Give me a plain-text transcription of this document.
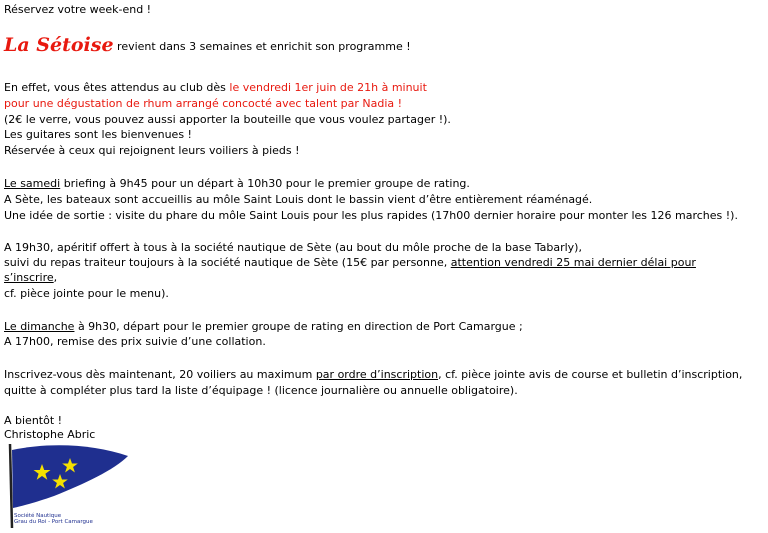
Réservez votre week-end !
La Sétoise revient dans 3 semaines et enrichit son programme !
En effet, vous êtes attendus au club dès le vendredi 1er juin de 21h à minuit
pour une dégustation de rhum arrangé concocté avec talent par Nadia !
(2€ le verre, vous pouvez aussi apporter la bouteille que vous voulez partager !).
Les guitares sont les bienvenues !
Réservée à ceux qui rejoignent leurs voiliers à pieds !
Le samedi briefing à 9h45 pour un départ à 10h30 pour le premier groupe de rating.
A Sète, les bateaux sont accueillis au môle Saint Louis dont le bassin vient d’être entièrement réaménagé.
Une idée de sortie : visite du phare du môle Saint Louis pour les plus rapides (17h00 dernier horaire pour monter les 126 marches !).
A 19h30, apéritif offert à tous à la société nautique de Sète (au bout du môle proche de la base Tabarly),
suivi du repas traiteur toujours à la société nautique de Sète (15€ par personne, attention vendredi 25 mai dernier délai pour
s’inscrire,
cf. pièce jointe pour le menu).
Le dimanche à 9h30, départ pour le premier groupe de rating en direction de Port Camargue ;
A 17h00, remise des prix suivie d’une collation.
Inscrivez-vous dès maintenant, 20 voiliers au maximum par ordre d’inscription, cf. pièce jointe avis de course et bulletin d’inscription,
quitte à compléter plus tard la liste d’équipage ! (licence journalière ou annuelle obligatoire).
A bientôt !
Christophe Abric
Société Nautique
Grau du Roi - Port Camargue
